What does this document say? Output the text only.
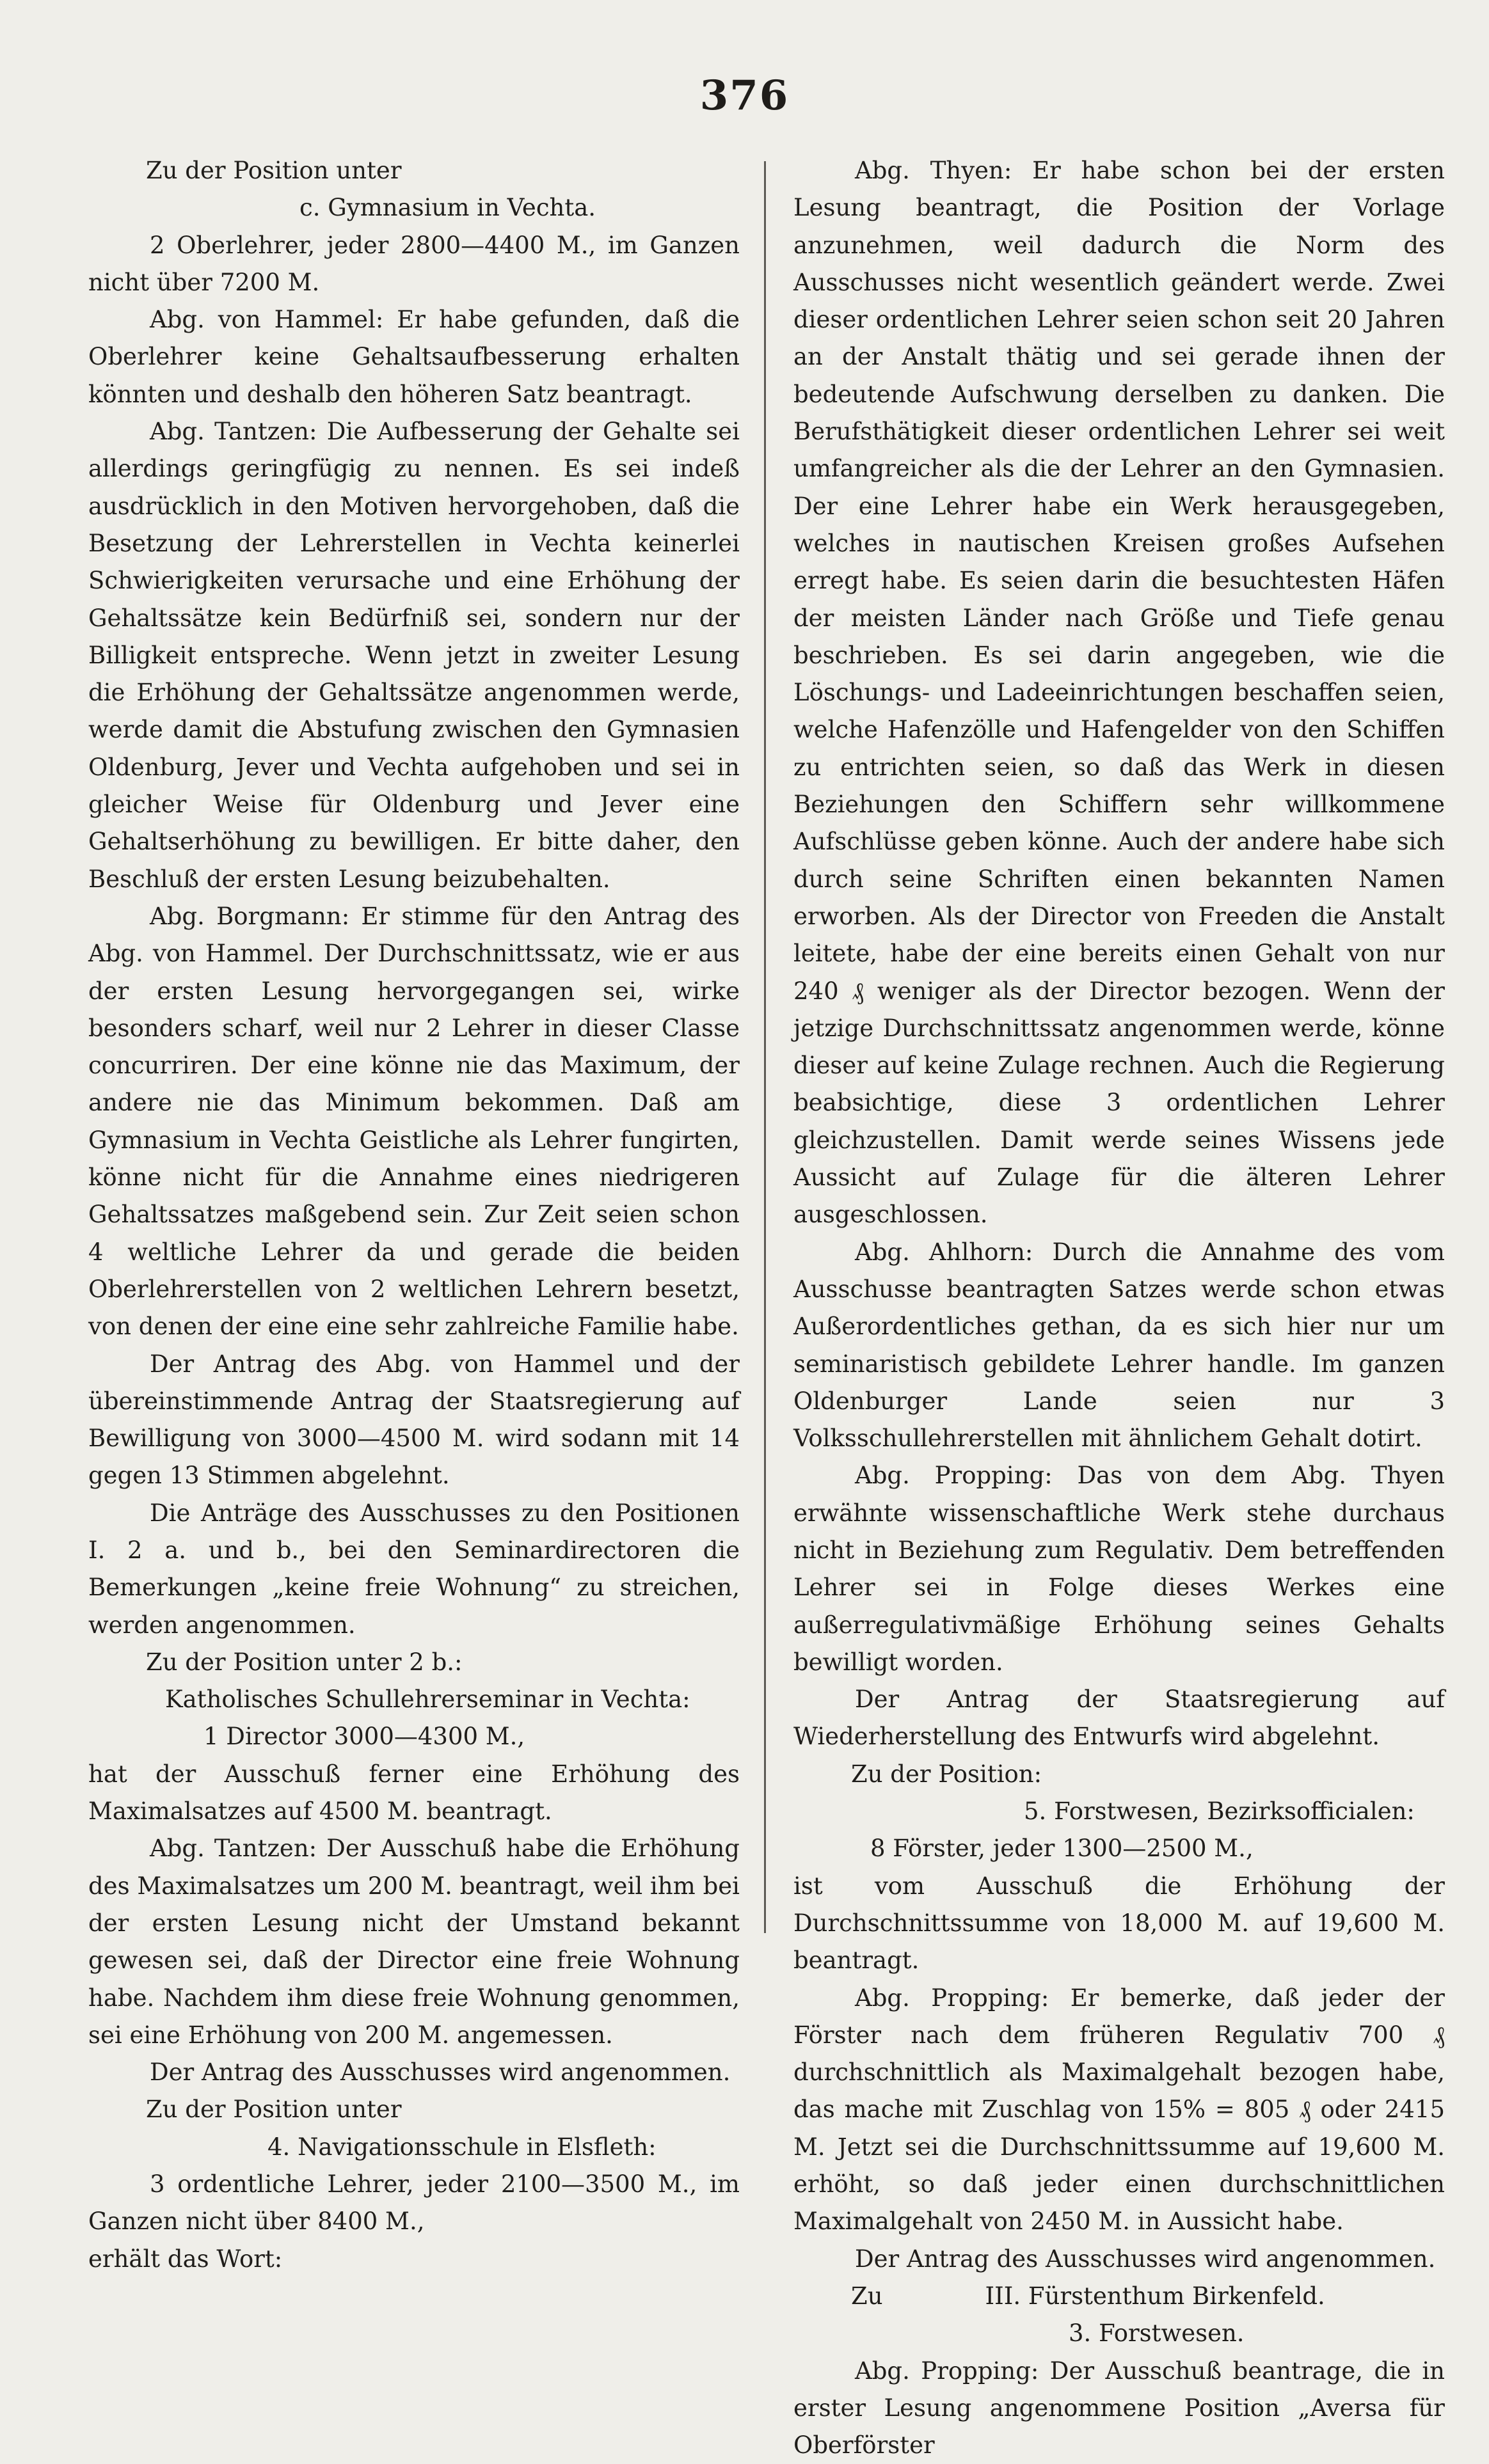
376
Zu der Position unter
c. Gymnasium in Vechta.

2 Oberlehrer, jeder 2800—4400 M., im Ganzen nicht über 7200 M.

Abg. von Hammel: Er habe gefunden, daß die Oberlehrer keine Gehaltsaufbesserung erhalten könnten und deshalb den höheren Satz beantragt.

Abg. Tantzen: Die Aufbesserung der Gehalte sei allerdings geringfügig zu nennen. Es sei indeß ausdrücklich in den Motiven hervorgehoben, daß die Besetzung der Lehrerstellen in Vechta keinerlei Schwierigkeiten verursache und eine Erhöhung der Gehaltssätze kein Bedürfniß sei, sondern nur der Billigkeit entspreche. Wenn jetzt in zweiter Lesung die Erhöhung der Gehaltssätze angenommen werde, werde damit die Abstufung zwischen den Gymnasien Oldenburg, Jever und Vechta aufgehoben und sei in gleicher Weise für Oldenburg und Jever eine Gehaltserhöhung zu bewilligen. Er bitte daher, den Beschluß der ersten Lesung beizubehalten.

Abg. Borgmann: Er stimme für den Antrag des Abg. von Hammel. Der Durchschnittssatz, wie er aus der ersten Lesung hervorgegangen sei, wirke besonders scharf, weil nur 2 Lehrer in dieser Classe concurriren. Der eine könne nie das Maximum, der andere nie das Minimum bekommen. Daß am Gymnasium in Vechta Geistliche als Lehrer fungirten, könne nicht für die Annahme eines niedrigeren Gehaltssatzes maßgebend sein. Zur Zeit seien schon 4 weltliche Lehrer da und gerade die beiden Oberlehrerstellen von 2 weltlichen Lehrern besetzt, von denen der eine eine sehr zahlreiche Familie habe.

Der Antrag des Abg. von Hammel und der übereinstimmende Antrag der Staatsregierung auf Bewilligung von 3000—4500 M. wird sodann mit 14 gegen 13 Stimmen abgelehnt.

Die Anträge des Ausschusses zu den Positionen I. 2 a. und b., bei den Seminardirectoren die Bemerkungen „keine freie Wohnung“ zu streichen, werden angenommen.

Zu der Position unter 2 b.:
Katholisches Schullehrerseminar in Vechta:
1 Director 3000—4300 M.,

hat der Ausschuß ferner eine Erhöhung des Maximalsatzes auf 4500 M. beantragt.

Abg. Tantzen: Der Ausschuß habe die Erhöhung des Maximalsatzes um 200 M. beantragt, weil ihm bei der ersten Lesung nicht der Umstand bekannt gewesen sei, daß der Director eine freie Wohnung habe. Nachdem ihm diese freie Wohnung genommen, sei eine Erhöhung von 200 M. angemessen.

Der Antrag des Ausschusses wird angenommen.

Zu der Position unter
4. Navigationsschule in Elsfleth:

3 ordentliche Lehrer, jeder 2100—3500 M., im Ganzen nicht über 8400 M.,

erhält das Wort:

Abg. Thyen: Er habe schon bei der ersten Lesung beantragt, die Position der Vorlage anzunehmen, weil dadurch die Norm des Ausschusses nicht wesentlich geändert werde. Zwei dieser ordentlichen Lehrer seien schon seit 20 Jahren an der Anstalt thätig und sei gerade ihnen der bedeutende Aufschwung derselben zu danken. Die Berufsthätigkeit dieser ordentlichen Lehrer sei weit umfangreicher als die der Lehrer an den Gymnasien. Der eine Lehrer habe ein Werk herausgegeben, welches in nautischen Kreisen großes Aufsehen erregt habe. Es seien darin die besuchtesten Häfen der meisten Länder nach Größe und Tiefe genau beschrieben. Es sei darin angegeben, wie die Löschungs- und Ladeeinrichtungen beschaffen seien, welche Hafenzölle und Hafengelder von den Schiffen zu entrichten seien, so daß das Werk in diesen Beziehungen den Schiffern sehr willkommene Aufschlüsse geben könne. Auch der andere habe sich durch seine Schriften einen bekannten Namen erworben. Als der Director von Freeden die Anstalt leitete, habe der eine bereits einen Gehalt von nur 240 ₰ weniger als der Director bezogen. Wenn der jetzige Durchschnittssatz angenommen werde, könne dieser auf keine Zulage rechnen. Auch die Regierung beabsichtige, diese 3 ordentlichen Lehrer gleichzustellen. Damit werde seines Wissens jede Aussicht auf Zulage für die älteren Lehrer ausgeschlossen.

Abg. Ahlhorn: Durch die Annahme des vom Ausschusse beantragten Satzes werde schon etwas Außerordentliches gethan, da es sich hier nur um seminaristisch gebildete Lehrer handle. Im ganzen Oldenburger Lande seien nur 3 Volksschullehrerstellen mit ähnlichem Gehalt dotirt.

Abg. Propping: Das von dem Abg. Thyen erwähnte wissenschaftliche Werk stehe durchaus nicht in Beziehung zum Regulativ. Dem betreffenden Lehrer sei in Folge dieses Werkes eine außerregulativmäßige Erhöhung seines Gehalts bewilligt worden.

Der Antrag der Staatsregierung auf Wiederherstellung des Entwurfs wird abgelehnt.

Zu der Position:
5. Forstwesen, Bezirksofficialen:
8 Förster, jeder 1300—2500 M.,

ist vom Ausschuß die Erhöhung der Durchschnittssumme von 18,000 M. auf 19,600 M. beantragt.

Abg. Propping: Er bemerke, daß jeder der Förster nach dem früheren Regulativ 700 ₰ durchschnittlich als Maximalgehalt bezogen habe, das mache mit Zuschlag von 15% = 805 ₰ oder 2415 M. Jetzt sei die Durchschnittssumme auf 19,600 M. erhöht, so daß jeder einen durchschnittlichen Maximalgehalt von 2450 M. in Aussicht habe.

Der Antrag des Ausschusses wird angenommen.

Zu	III. Fürstenthum Birkenfeld.
3. Forstwesen.

Abg. Propping: Der Ausschuß beantrage, die in erster Lesung angenommene Position „Aversa für Oberförster
